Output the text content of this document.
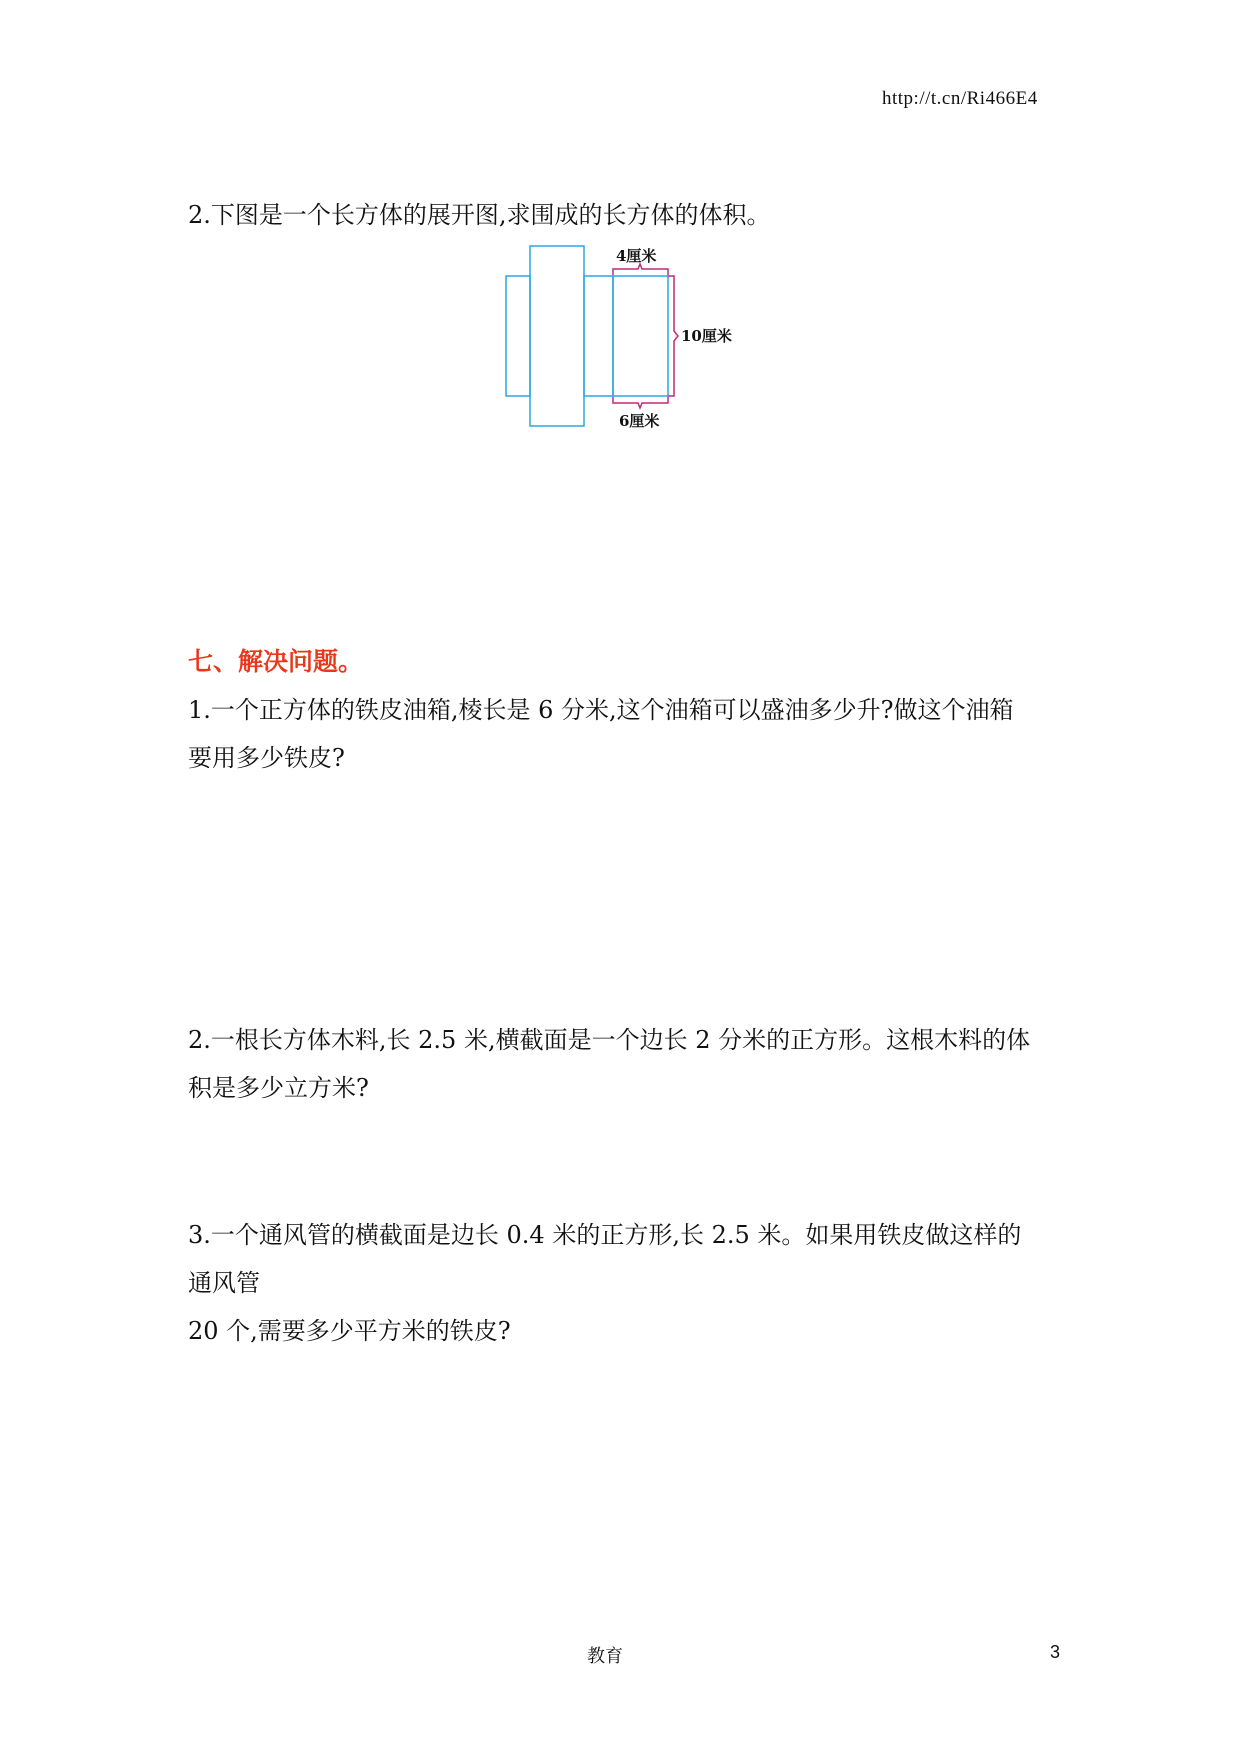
http://t.cn/Ri466E4
2.下图是一个长方体的展开图,求围成的长方体的体积。
4厘米
10厘米
6厘米
七、解决问题。
1.一个正方体的铁皮油箱,棱长是 6 分米,这个油箱可以盛油多少升?做这个油箱
要用多少铁皮?
2.一根长方体木料,长 2.5 米,横截面是一个边长 2 分米的正方形。这根木料的体
积是多少立方米?
3.一个通风管的横截面是边长 0.4 米的正方形,长 2.5 米。如果用铁皮做这样的
通风管
20 个,需要多少平方米的铁皮?
教育	3
